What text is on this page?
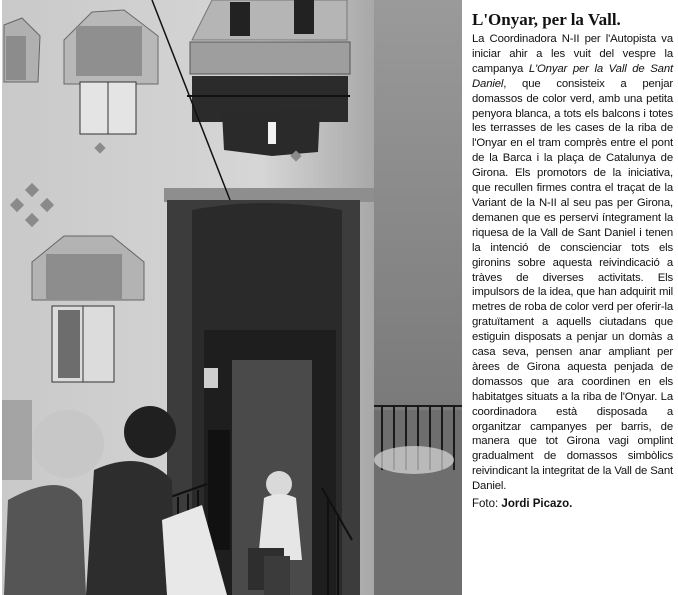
L'Onyar, per la Vall.

La Coordinadora N-II per l'Autopista va iniciar ahir a les vuit del vespre la campanya L'Onyar per la Vall de Sant Daniel, que consisteix a penjar domassos de color verd, amb una petita penyora blanca, a tots els balcons i totes les terrasses de les cases de la riba de l'Onyar en el tram comprès entre el pont de la Barca i la plaça de Catalunya de Girona. Els promotors de la iniciativa, que recullen firmes contra el traçat de la Variant de la N-II al seu pas per Girona, demanen que es perservi íntegrament la riquesa de la Vall de Sant Daniel i tenen la intenció de conscienciar tots els gironins sobre aquesta reivindicació a tràves de diverses activitats. Els impulsors de la idea, que han adquirit mil metres de roba de color verd per oferir-la gratuïtament a aquells ciutadans que estiguin disposats a penjar un domàs a casa seva, pensen anar ampliant per àrees de Girona aquesta penjada de domassos que ara coordinen en els habitatges situats a la riba de l'Onyar. La coordinadora està disposada a organitzar campanyes per barris, de manera que tot Girona vagi omplint gradualment de domassos simbòlics reivindicant la integritat de la Vall de Sant Daniel.

Foto: Jordi Picazo.
